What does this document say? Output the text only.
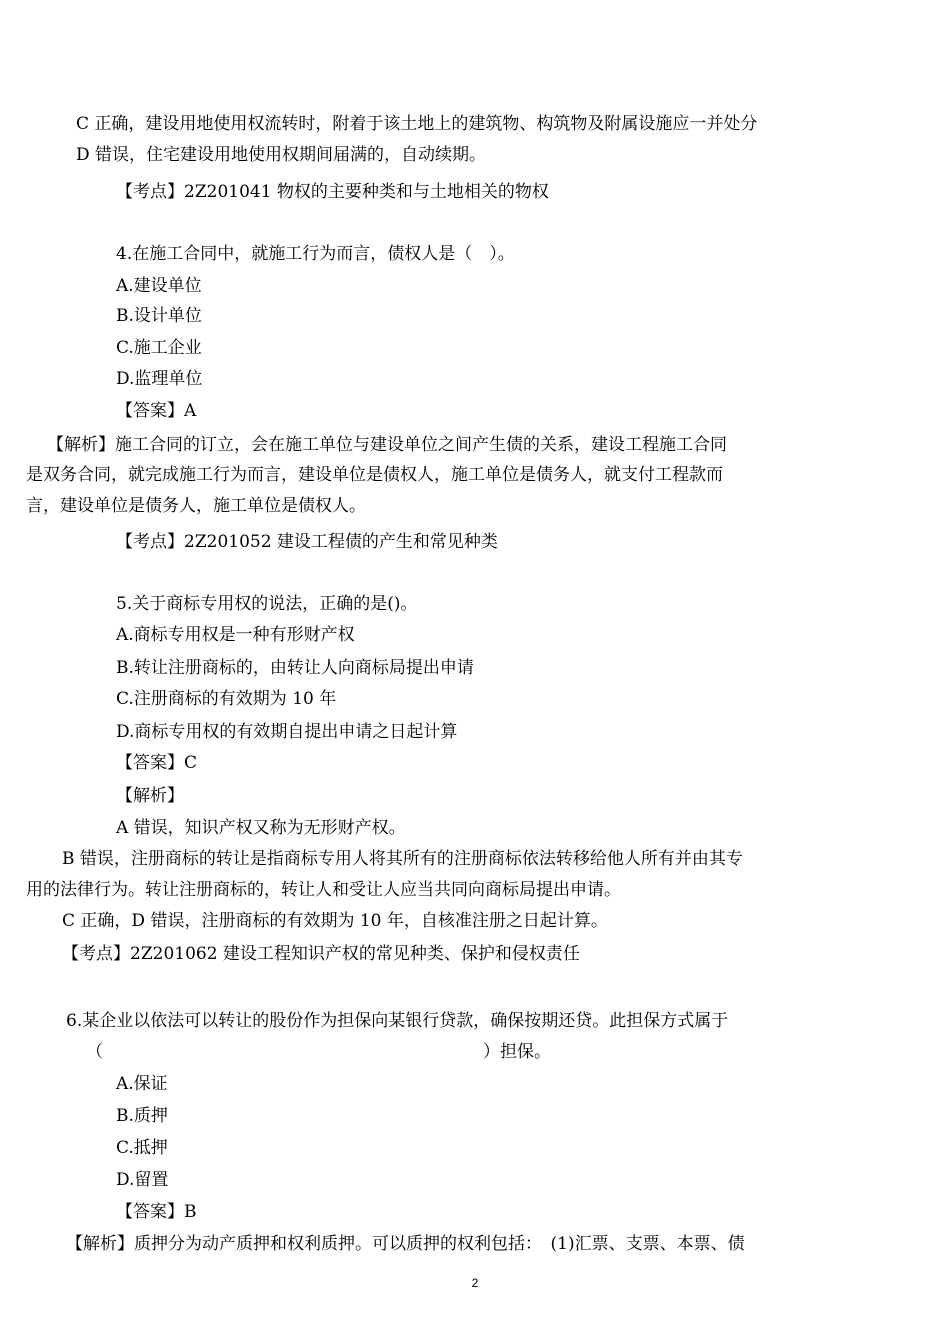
C 正确，建设用地使用权流转时，附着于该土地上的建筑物、构筑物及附属设施应一并处分
D 错误，住宅建设用地使用权期间届满的，自动续期。
【考点】2Z201041 物权的主要种类和与土地相关的物权
4.在施工合同中，就施工行为而言，债权人是（　）。
A.建设单位
B.设计单位
C.施工企业
D.监理单位
【答案】A
【解析】施工合同的订立，会在施工单位与建设单位之间产生债的关系，建设工程施工合同
是双务合同，就完成施工行为而言，建设单位是债权人，施工单位是债务人，就支付工程款而
言，建设单位是债务人，施工单位是债权人。
【考点】2Z201052 建设工程债的产生和常见种类
5.关于商标专用权的说法，正确的是()。
A.商标专用权是一种有形财产权
B.转让注册商标的，由转让人向商标局提出申请
C.注册商标的有效期为 10 年
D.商标专用权的有效期自提出申请之日起计算
【答案】C
【解析】
A 错误，知识产权又称为无形财产权。
B 错误，注册商标的转让是指商标专用人将其所有的注册商标依法转移给他人所有并由其专
用的法律行为。转让注册商标的，转让人和受让人应当共同向商标局提出申请。
C 正确，D 错误，注册商标的有效期为 10 年，自核准注册之日起计算。
【考点】2Z201062 建设工程知识产权的常见种类、保护和侵权责任
6.某企业以依法可以转让的股份作为担保向某银行贷款，确保按期还贷。此担保方式属于
（	）担保。
A.保证
B.质押
C.抵押
D.留置
【答案】B
【解析】质押分为动产质押和权利质押。可以质押的权利包括：　(1)汇票、支票、本票、债
2
